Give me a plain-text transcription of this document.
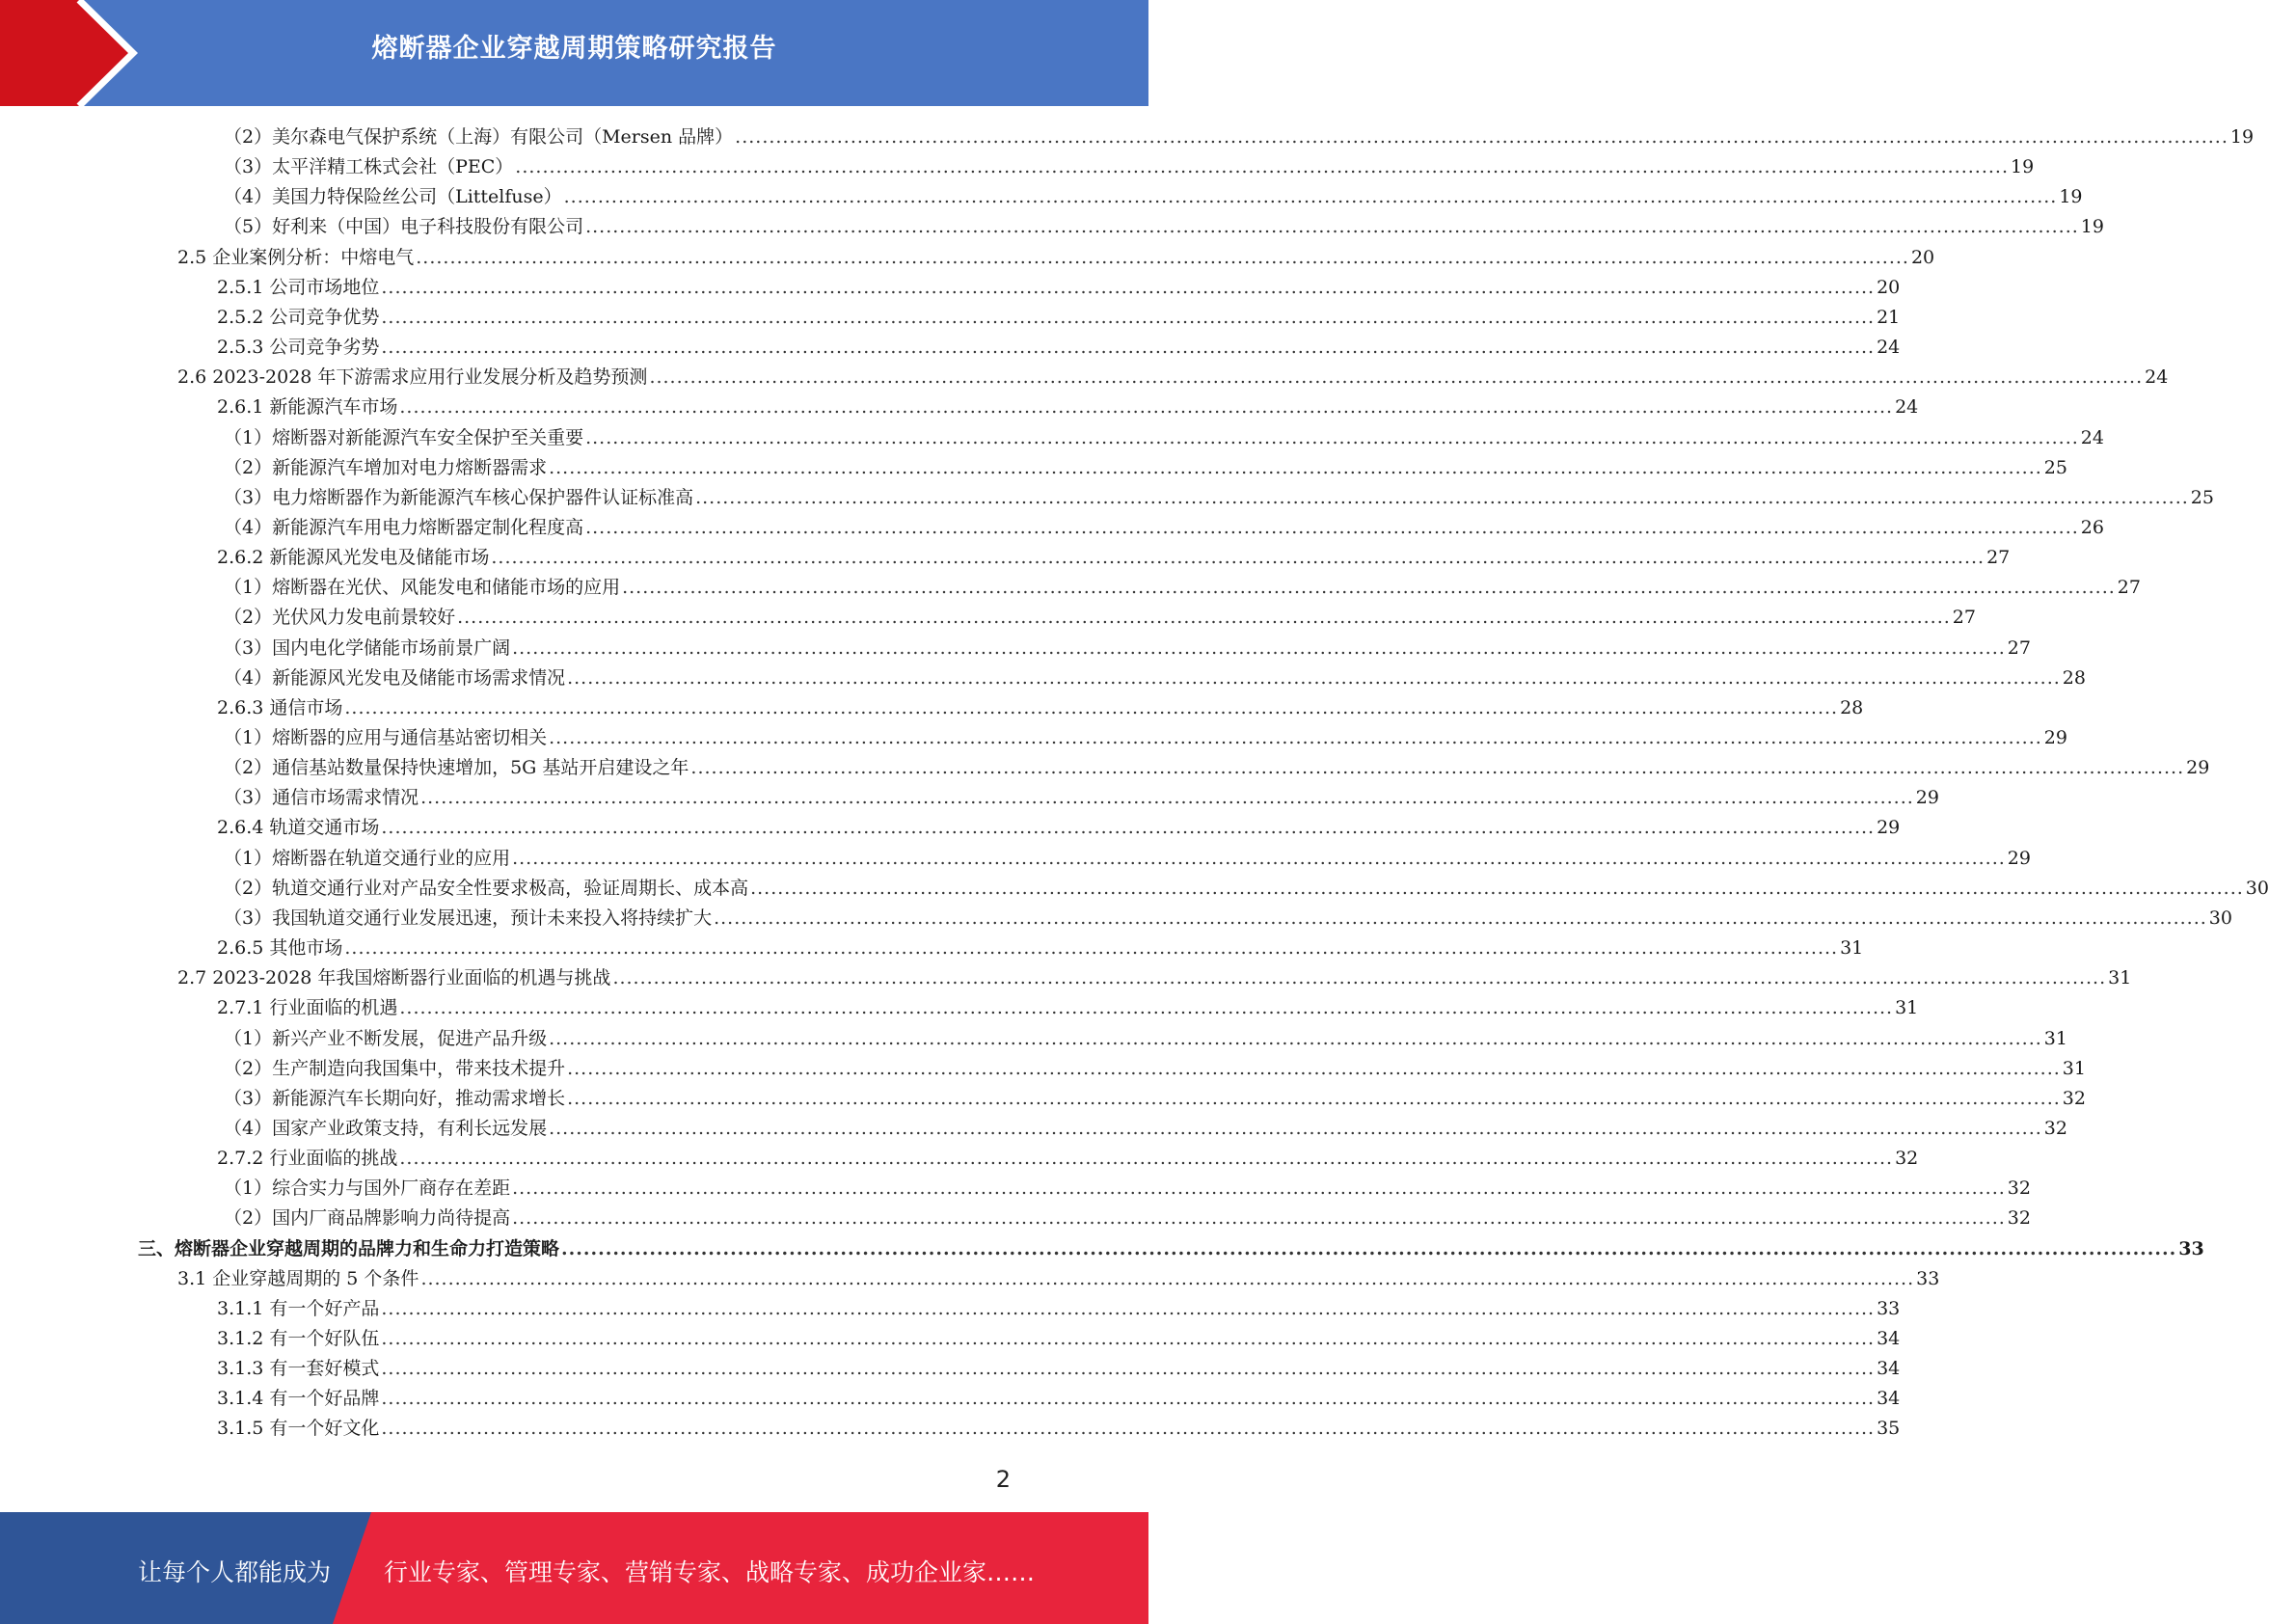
熔断器企业穿越周期策略研究报告
（2）美尔森电气保护系统（上海）有限公司（Mersen 品牌） ............................................................................................................................................................................................................................ 19
（3）太平洋精工株式会社（PEC） ............................................................................................................................................................................................................................ 19
（4）美国力特保险丝公司（Littelfuse） ............................................................................................................................................................................................................................ 19
（5）好利来（中国）电子科技股份有限公司 ............................................................................................................................................................................................................................ 19
2.5 企业案例分析：中熔电气 ............................................................................................................................................................................................................................ 20
2.5.1 公司市场地位 ............................................................................................................................................................................................................................ 20
2.5.2 公司竞争优势 ............................................................................................................................................................................................................................ 21
2.5.3 公司竞争劣势 ............................................................................................................................................................................................................................ 24
2.6 2023-2028 年下游需求应用行业发展分析及趋势预测 ............................................................................................................................................................................................................................ 24
2.6.1 新能源汽车市场 ............................................................................................................................................................................................................................ 24
（1）熔断器对新能源汽车安全保护至关重要 ............................................................................................................................................................................................................................ 24
（2）新能源汽车增加对电力熔断器需求 ............................................................................................................................................................................................................................ 25
（3）电力熔断器作为新能源汽车核心保护器件认证标准高 ............................................................................................................................................................................................................................ 25
（4）新能源汽车用电力熔断器定制化程度高 ............................................................................................................................................................................................................................ 26
2.6.2 新能源风光发电及储能市场 ............................................................................................................................................................................................................................ 27
（1）熔断器在光伏、风能发电和储能市场的应用 ............................................................................................................................................................................................................................ 27
（2）光伏风力发电前景较好 ............................................................................................................................................................................................................................ 27
（3）国内电化学储能市场前景广阔 ............................................................................................................................................................................................................................ 27
（4）新能源风光发电及储能市场需求情况 ............................................................................................................................................................................................................................ 28
2.6.3 通信市场 ............................................................................................................................................................................................................................ 28
（1）熔断器的应用与通信基站密切相关 ............................................................................................................................................................................................................................ 29
（2）通信基站数量保持快速增加，5G 基站开启建设之年 ............................................................................................................................................................................................................................ 29
（3）通信市场需求情况 ............................................................................................................................................................................................................................ 29
2.6.4 轨道交通市场 ............................................................................................................................................................................................................................ 29
（1）熔断器在轨道交通行业的应用 ............................................................................................................................................................................................................................ 29
（2）轨道交通行业对产品安全性要求极高，验证周期长、成本高 ............................................................................................................................................................................................................................ 30
（3）我国轨道交通行业发展迅速，预计未来投入将持续扩大 ............................................................................................................................................................................................................................ 30
2.6.5 其他市场 ............................................................................................................................................................................................................................ 31
2.7 2023-2028 年我国熔断器行业面临的机遇与挑战 ............................................................................................................................................................................................................................ 31
2.7.1 行业面临的机遇 ............................................................................................................................................................................................................................ 31
（1）新兴产业不断发展，促进产品升级 ............................................................................................................................................................................................................................ 31
（2）生产制造向我国集中，带来技术提升 ............................................................................................................................................................................................................................ 31
（3）新能源汽车长期向好，推动需求增长 ............................................................................................................................................................................................................................ 32
（4）国家产业政策支持，有利长远发展 ............................................................................................................................................................................................................................ 32
2.7.2 行业面临的挑战 ............................................................................................................................................................................................................................ 32
（1）综合实力与国外厂商存在差距 ............................................................................................................................................................................................................................ 32
（2）国内厂商品牌影响力尚待提高 ............................................................................................................................................................................................................................ 32
三、熔断器企业穿越周期的品牌力和生命力打造策略 ............................................................................................................................................................................................................................ 33
3.1 企业穿越周期的 5 个条件 ............................................................................................................................................................................................................................ 33
3.1.1 有一个好产品 ............................................................................................................................................................................................................................ 33
3.1.2 有一个好队伍 ............................................................................................................................................................................................................................ 34
3.1.3 有一套好模式 ............................................................................................................................................................................................................................ 34
3.1.4 有一个好品牌 ............................................................................................................................................................................................................................ 34
3.1.5 有一个好文化 ............................................................................................................................................................................................................................ 35
2
让每个人都能成为 行业专家、管理专家、营销专家、战略专家、成功企业家……
